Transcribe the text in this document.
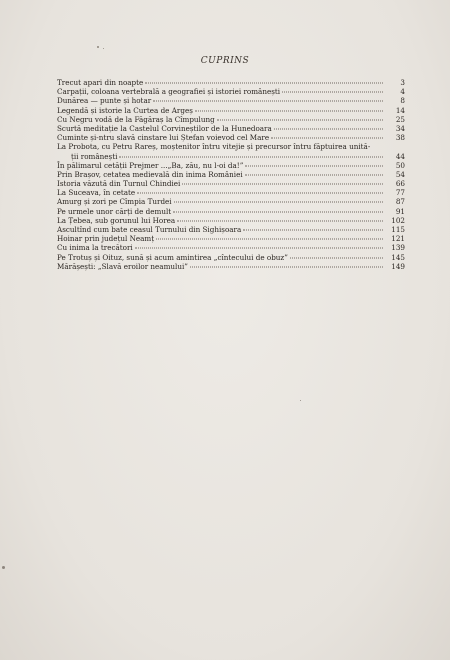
CUPRINS
Trecut apari din noapte	3
Carpații, coloana vertebrală a geografiei și istoriei românești	4
Dunărea — punte și hotar	8
Legendă și istorie la Curtea de Argeș	14
Cu Negru vodă de la Făgăraș la Cîmpulung	25
Scurtă meditație la Castelul Corvineștilor de la Hunedoara	34
Cuminte și-ntru slavă cinstare lui Ștefan voievod cel Mare	38
La Probota, cu Petru Rareș, moștenitor întru vitejie și precursor întru făptuirea unită-
ții românești	44
În pălimarul cetății Prejmer ...„Ba, zău, nu l-oi da!”	50
Prin Brașov, cetatea medievală din inima României	54
Istoria văzută din Turnul Chindiei	66
La Suceava, în cetate	77
Amurg și zori pe Cîmpia Turdei	87
Pe urmele unor cărți de demult	91
La Țebea, sub gorunul lui Horea	102
Ascultînd cum bate ceasul Turnului din Sighișoara	115
Hoinar prin județul Neamț	121
Cu inima la trecători	139
Pe Trotuș și Oituz, sună și acum amintirea „cîntecului de obuz”	145
Mărășești: „Slavă eroilor neamului”	149
